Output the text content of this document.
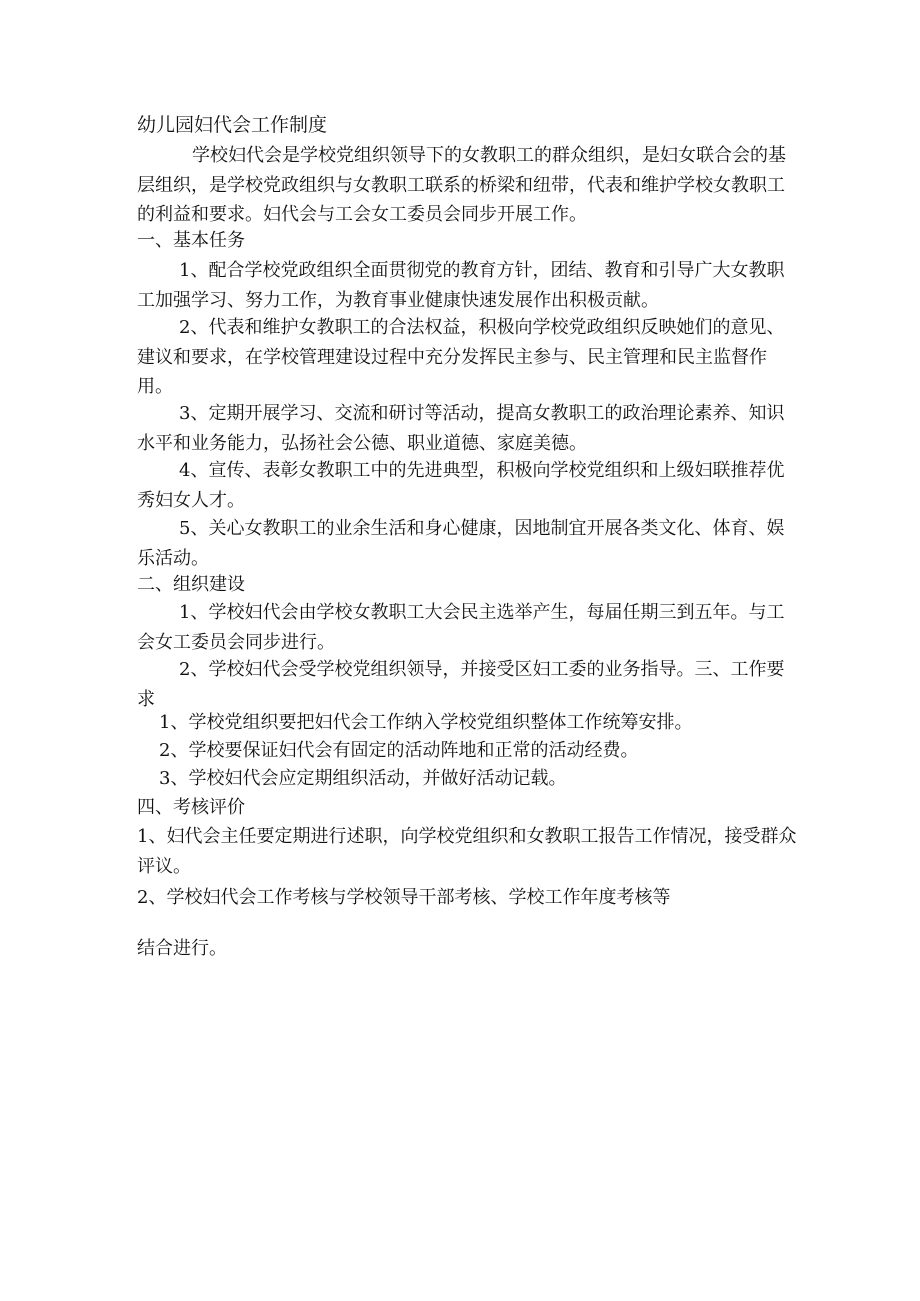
幼儿园妇代会工作制度

学校妇代会是学校党组织领导下的女教职工的群众组织，是妇女联合会的基层组织，是学校党政组织与女教职工联系的桥梁和纽带，代表和维护学校女教职工的利益和要求。妇代会与工会女工委员会同步开展工作。

一、基本任务

1、配合学校党政组织全面贯彻党的教育方针，团结、教育和引导广大女教职工加强学习、努力工作，为教育事业健康快速发展作出积极贡献。

2、代表和维护女教职工的合法权益，积极向学校党政组织反映她们的意见、建议和要求，在学校管理建设过程中充分发挥民主参与、民主管理和民主监督作用。

3、定期开展学习、交流和研讨等活动，提高女教职工的政治理论素养、知识水平和业务能力，弘扬社会公德、职业道德、家庭美德。

4、宣传、表彰女教职工中的先进典型，积极向学校党组织和上级妇联推荐优秀妇女人才。

5、关心女教职工的业余生活和身心健康，因地制宜开展各类文化、体育、娱乐活动。

二、组织建设

1、学校妇代会由学校女教职工大会民主选举产生，每届任期三到五年。与工会女工委员会同步进行。

2、学校妇代会受学校党组织领导，并接受区妇工委的业务指导。三、工作要求

1、学校党组织要把妇代会工作纳入学校党组织整体工作统筹安排。

2、学校要保证妇代会有固定的活动阵地和正常的活动经费。

3、学校妇代会应定期组织活动，并做好活动记载。

四、考核评价

1、妇代会主任要定期进行述职，向学校党组织和女教职工报告工作情况，接受群众评议。

2、学校妇代会工作考核与学校领导干部考核、学校工作年度考核等

结合进行。
